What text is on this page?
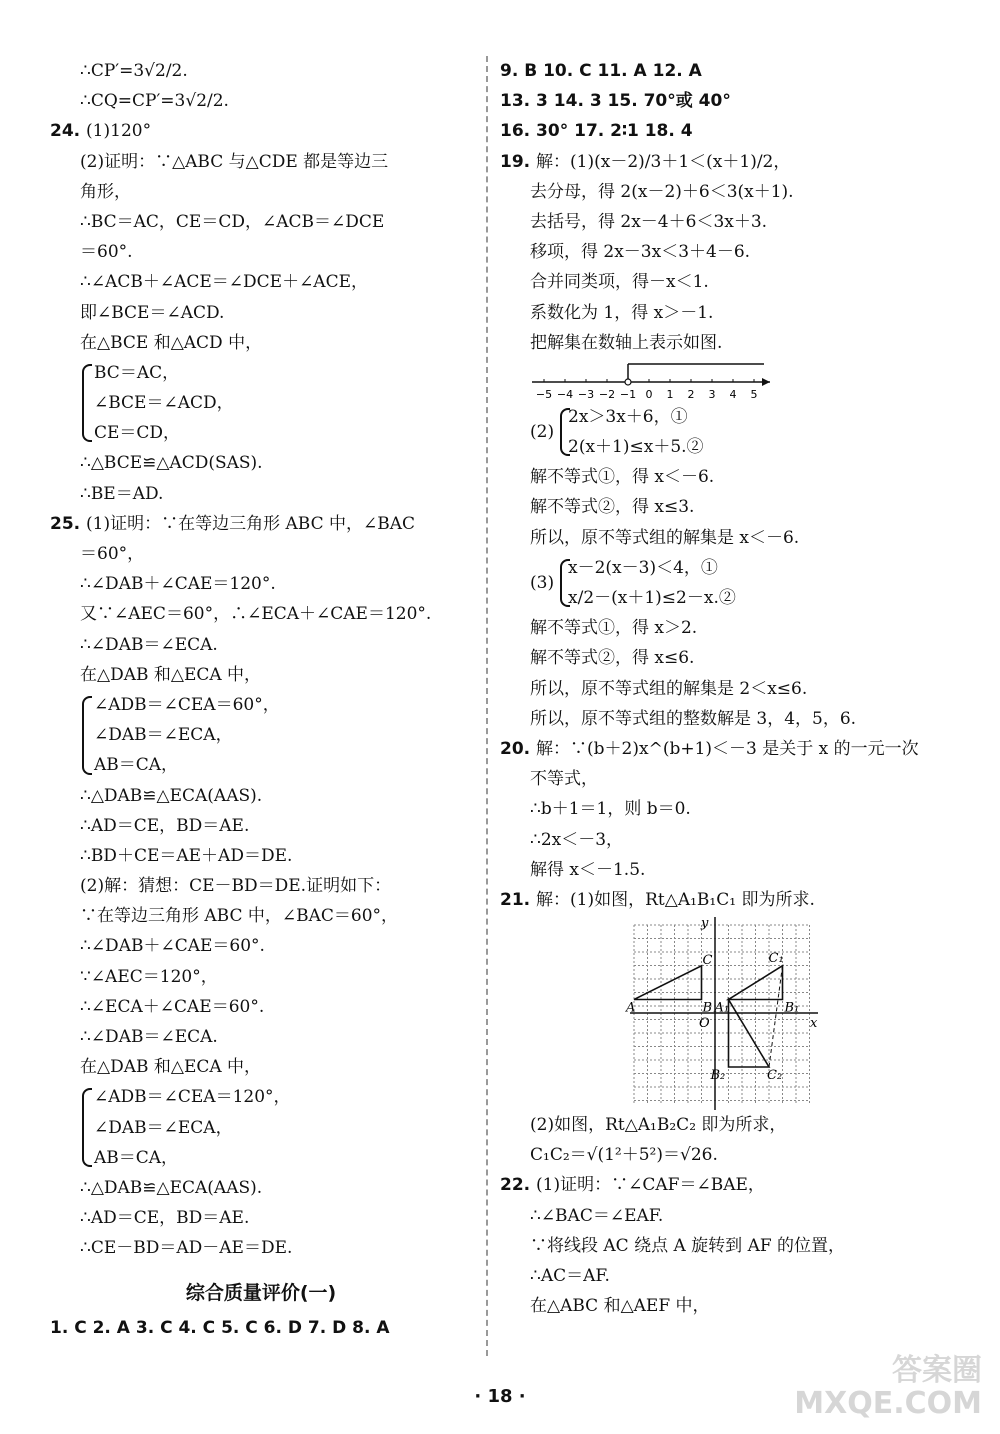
∴CP′=3√2/2.
∴CQ=CP′=3√2/2.
24. (1)120°
(2)证明：∵△ABC 与△CDE 都是等边三
角形，
∴BC＝AC，CE＝CD，∠ACB＝∠DCE
＝60°.
∴∠ACB＋∠ACE＝∠DCE＋∠ACE，
即∠BCE＝∠ACD.
在△BCE 和△ACD 中，
BC＝AC，
∠BCE＝∠ACD，
CE＝CD，
∴△BCE≌△ACD(SAS).
∴BE＝AD.
25. (1)证明：∵在等边三角形 ABC 中，∠BAC
＝60°，
∴∠DAB＋∠CAE＝120°.
又∵∠AEC＝60°，∴∠ECA＋∠CAE＝120°.
∴∠DAB＝∠ECA.
在△DAB 和△ECA 中，
∠ADB＝∠CEA＝60°，
∠DAB＝∠ECA，
AB＝CA，
∴△DAB≌△ECA(AAS).
∴AD＝CE，BD＝AE.
∴BD＋CE＝AE＋AD＝DE.
(2)解：猜想：CE－BD＝DE.证明如下：
∵在等边三角形 ABC 中，∠BAC＝60°，
∴∠DAB＋∠CAE＝60°.
∵∠AEC＝120°，
∴∠ECA＋∠CAE＝60°.
∴∠DAB＝∠ECA.
在△DAB 和△ECA 中，
∠ADB＝∠CEA＝120°，
∠DAB＝∠ECA，
AB＝CA，
∴△DAB≌△ECA(AAS).
∴AD＝CE，BD＝AE.
∴CE－BD＝AD－AE＝DE.
综合质量评价(一)
1. C 2. A 3. C 4. C 5. C 6. D 7. D 8. A
9. B 10. C 11. A 12. A
13. 3 14. 3 15. 70°或 40°
16. 30° 17. 2∶1 18. 4
19. 解：(1)(x－2)/3＋1＜(x＋1)/2，
去分母，得 2(x－2)＋6＜3(x＋1).
去括号，得 2x－4＋6＜3x＋3.
移项，得 2x－3x＜3＋4－6.
合并同类项，得－x＜1.
系数化为 1，得 x＞－1.
把解集在数轴上表示如图.
−5 −4 −3 −2 −1 0 1 2 3 4 5
(2)
2x＞3x＋6，①
2(x＋1)≤x＋5.②
解不等式①，得 x＜－6.
解不等式②，得 x≤3.
所以，原不等式组的解集是 x＜－6.
(3)
x－2(x－3)＜4，①
x/2－(x＋1)≤2－x.②
解不等式①，得 x＞2.
解不等式②，得 x≤6.
所以，原不等式组的解集是 2＜x≤6.
所以，原不等式组的整数解是 3，4，5，6.
20. 解：∵(b＋2)x^(b+1)＜－3 是关于 x 的一元一次
不等式，
∴b＋1＝1，则 b＝0.
∴2x＜－3，
解得 x＜－1.5.
21. 解：(1)如图，Rt△A₁B₁C₁ 即为所求.
y
x
O
A	B
C
A₁	B₁
C₁
B₂	C₂
(2)如图，Rt△A₁B₂C₂ 即为所求，
C₁C₂＝√(1²＋5²)＝√26.
22. (1)证明：∵∠CAF＝∠BAE，
∴∠BAC＝∠EAF.
∵将线段 AC 绕点 A 旋转到 AF 的位置，
∴AC＝AF.
在△ABC 和△AEF 中，
· 18 ·
答案圈
MXQE.COM
